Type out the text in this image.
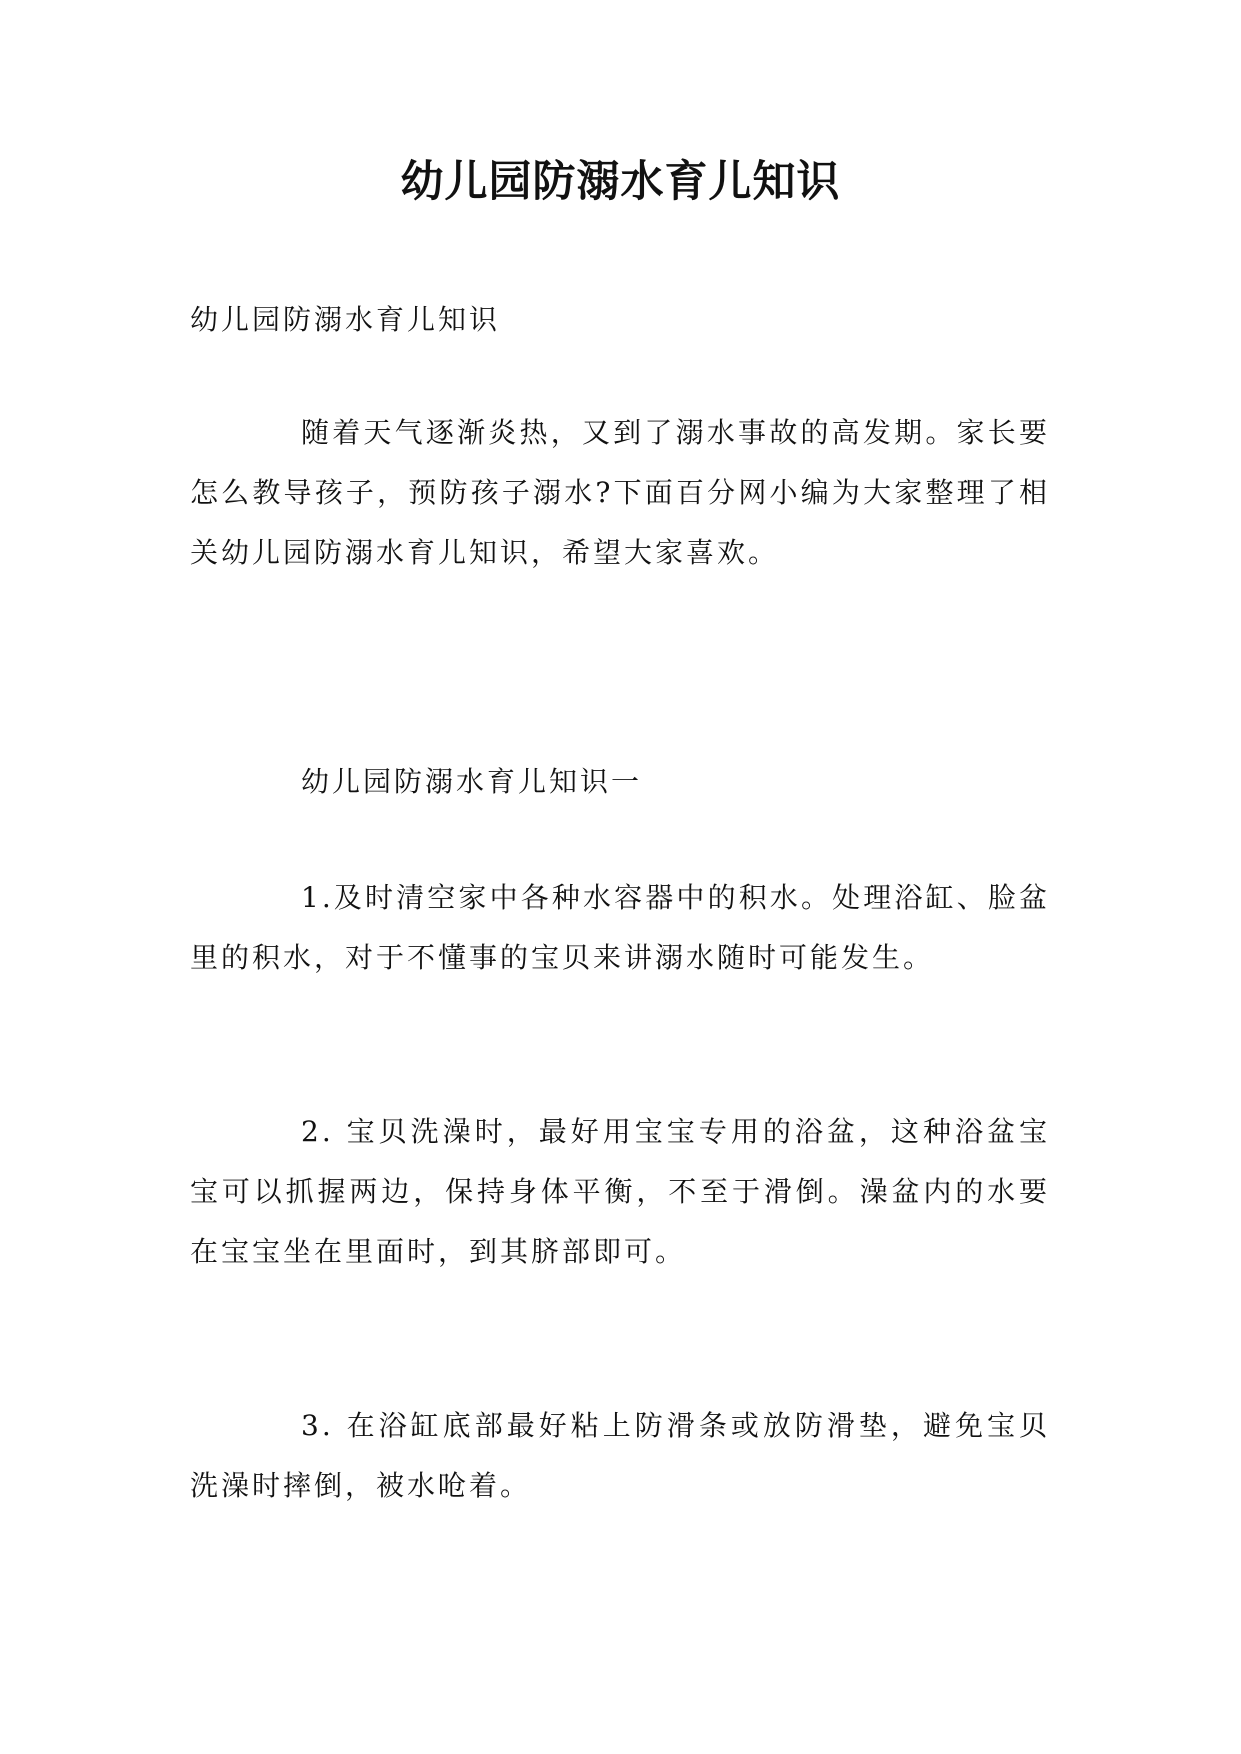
幼儿园防溺水育儿知识

幼儿园防溺水育儿知识

随着天气逐渐炎热，又到了溺水事故的高发期。家长要怎么教导孩子，预防孩子溺水?下面百分网小编为大家整理了相关幼儿园防溺水育儿知识，希望大家喜欢。

幼儿园防溺水育儿知识一

1.及时清空家中各种水容器中的积水。处理浴缸、脸盆里的积水，对于不懂事的宝贝来讲溺水随时可能发生。

2. 宝贝洗澡时，最好用宝宝专用的浴盆，这种浴盆宝宝可以抓握两边，保持身体平衡，不至于滑倒。澡盆内的水要在宝宝坐在里面时，到其脐部即可。

3. 在浴缸底部最好粘上防滑条或放防滑垫，避免宝贝洗澡时摔倒，被水呛着。
